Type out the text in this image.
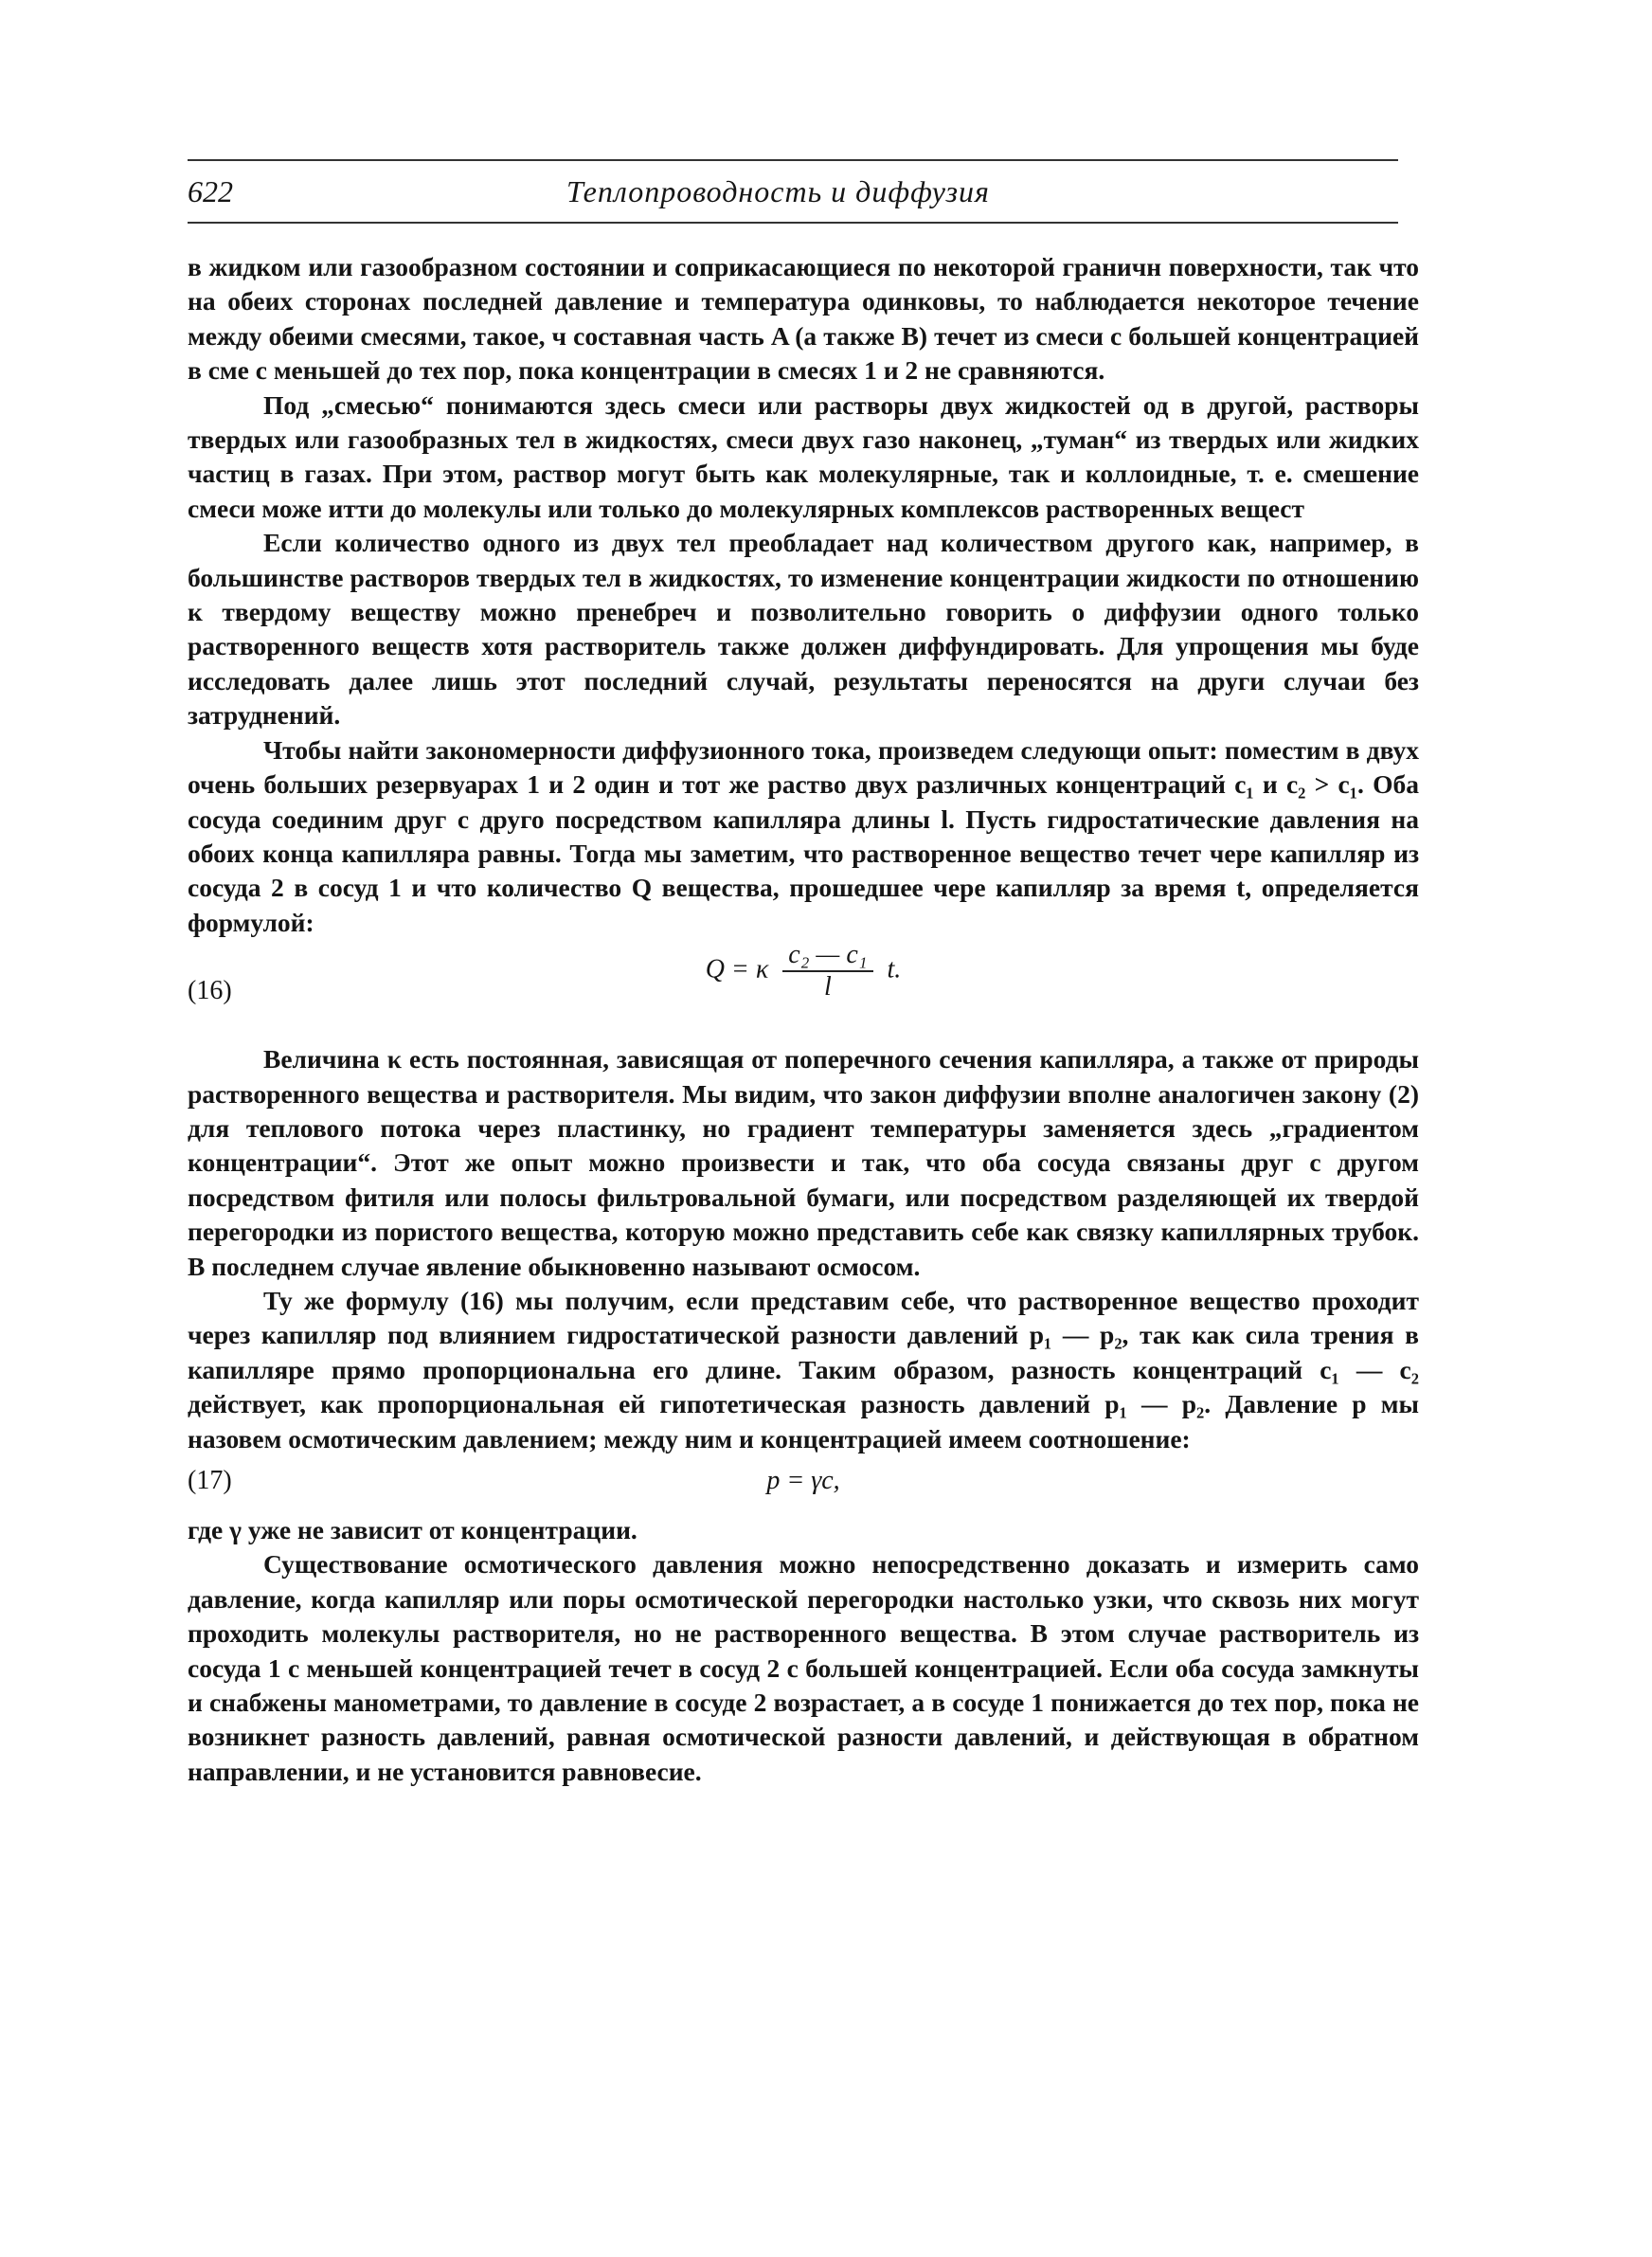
622	Теплопроводность и диффузия

в жидком или газообразном состоянии и соприкасающиеся по некоторой граничн поверхности, так что на обеих сторонах последней давление и температура одинковы, то наблюдается некоторое течение между обеими смесями, такое, ч составная часть A (а также B) течет из смеси с большей концентрацией в сме с меньшей до тех пор, пока концентрации в смесях 1 и 2 не сравняются.

Под „смесью“ понимаются здесь смеси или растворы двух жидкостей од в другой, растворы твердых или газообразных тел в жидкостях, смеси двух газо наконец, „туман“ из твердых или жидких частиц в газах. При этом, раствор могут быть как молекулярные, так и коллоидные, т. е. смешение смеси може итти до молекулы или только до молекулярных комплексов растворенных вещест

Если количество одного из двух тел преобладает над количеством другого как, например, в большинстве растворов твердых тел в жидкостях, то изменение концентрации жидкости по отношению к твердому веществу можно пренебреч и позволительно говорить о диффузии одного только растворенного веществ хотя растворитель также должен диффундировать. Для упрощения мы буде исследовать далее лишь этот последний случай, результаты переносятся на други случаи без затруднений.

Чтобы найти закономерности диффузионного тока, произведем следующи опыт: поместим в двух очень больших резервуарах 1 и 2 один и тот же раство двух различных концентраций c₁ и c₂ > c₁. Оба сосуда соединим друг с друго посредством капилляра длины l. Пусть гидростатические давления на обоих конца капилляра равны. Тогда мы заметим, что растворенное вещество течет чере капилляр из сосуда 2 в сосуд 1 и что количество Q вещества, прошедшее чере капилляр за время t, определяется формулой:

(16)
Q = κ $\frac{\text{c₂ — c₁}}{l} t$.

Величина κ есть постоянная, зависящая от поперечного сечения капилляра, а также от природы растворенного вещества и растворителя. Мы видим, что закон диффузии вполне аналогичен закону (2) для теплового потока через пластинку, но градиент температуры заменяется здесь „градиентом концентрации“. Этот же опыт можно произвести и так, что оба сосуда связаны друг с другом посредством фитиля или полосы фильтровальной бумаги, или посредством разделяющей их твердой перегородки из пористого вещества, которую можно представить себе как связку капиллярных трубок. В последнем случае явление обыкновенно называют осмосом.

Ту же формулу (16) мы получим, если представим себе, что растворенное вещество проходит через капилляр под влиянием гидростатической разности давлений p₁ — p₂, так как сила трения в капилляре прямо пропорциональна его длине. Таким образом, разность концентраций c₁ — c₂ действует, как пропорциональная ей гипотетическая разность давлений p₁ — p₂. Давление p мы назовем осмотическим давлением; между ним и концентрацией имеем соотношение:

(17)	p = γc,

где γ уже не зависит от концентрации.

Существование осмотического давления можно непосредственно доказать и измерить само давление, когда капилляр или поры осмотической перегородки настолько узки, что сквозь них могут проходить молекулы растворителя, но не растворенного вещества. В этом случае растворитель из сосуда 1 с меньшей концентрацией течет в сосуд 2 с большей концентрацией. Если оба сосуда замкнуты и снабжены манометрами, то давление в сосуде 2 возрастает, а в сосуде 1 понижается до тех пор, пока не возникнет разность давлений, равная осмотической разности давлений, и действующая в обратном направлении, и не установится равновесие.
